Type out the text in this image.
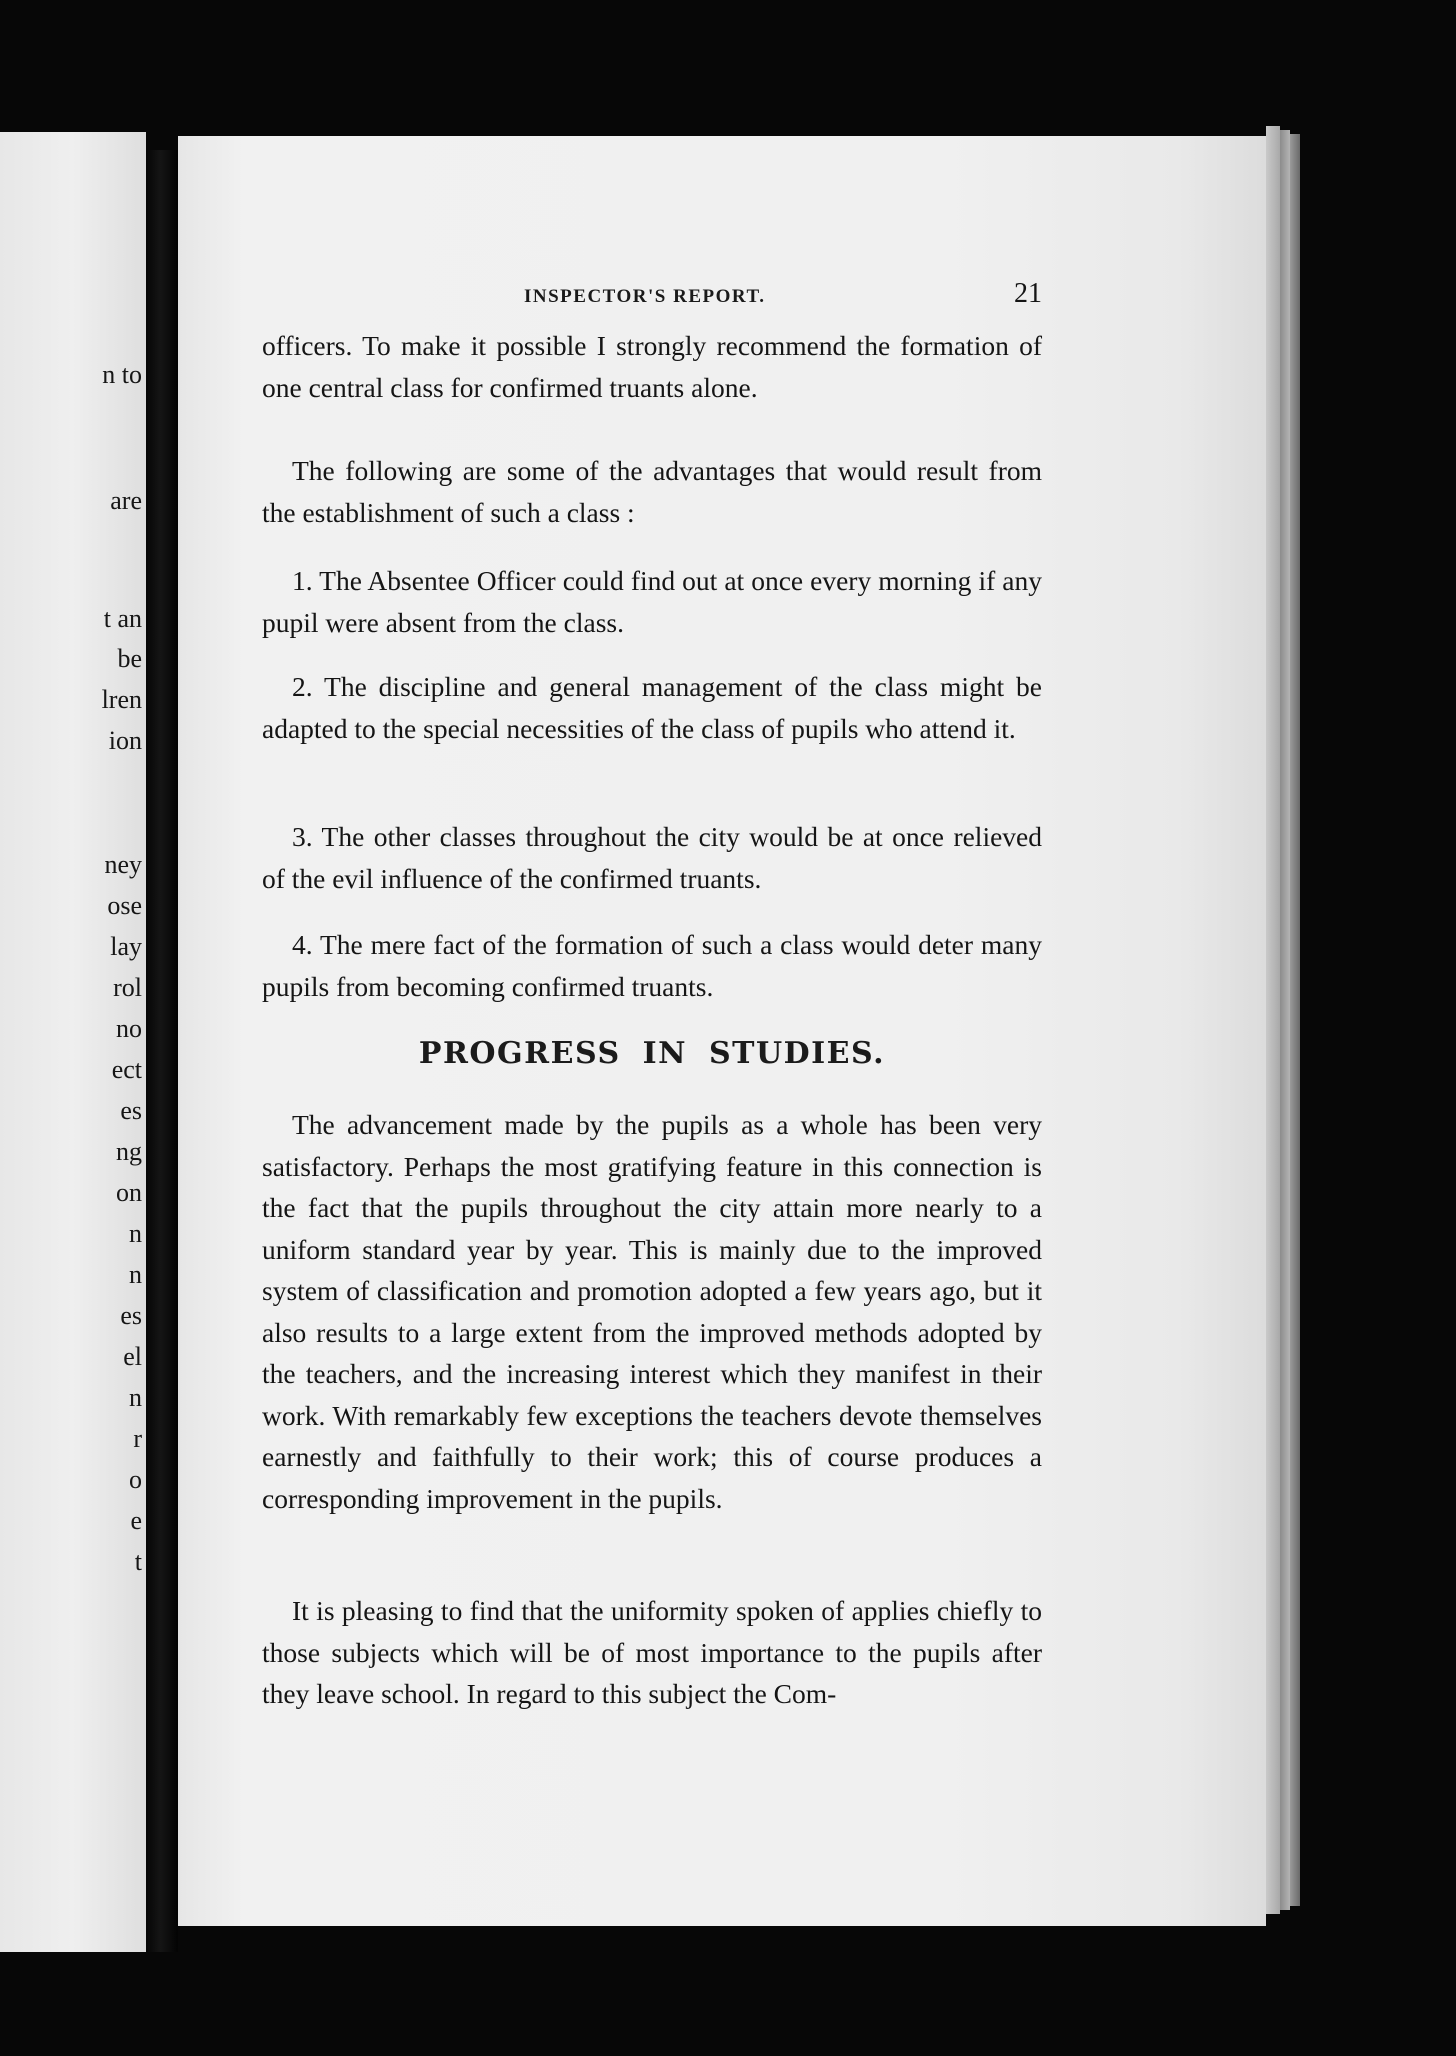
n to
are
t an
be
lren
ion
ney
ose
lay
rol
no
ect
es
ng
on
n
n
es
el
n
r
o
e
t
INSPECTOR'S REPORT.	21

officers. To make it possible I strongly recommend the formation of one central class for confirmed truants alone.

The following are some of the advantages that would result from the establishment of such a class :

1. The Absentee Officer could find out at once every morning if any pupil were absent from the class.

2. The discipline and general management of the class might be adapted to the special necessities of the class of pupils who attend it.

3. The other classes throughout the city would be at once relieved of the evil influence of the confirmed truants.

4. The mere fact of the formation of such a class would deter many pupils from becoming confirmed truants.

PROGRESS IN STUDIES.

The advancement made by the pupils as a whole has been very satisfactory. Perhaps the most gratifying feature in this connection is the fact that the pupils throughout the city attain more nearly to a uniform standard year by year. This is mainly due to the improved system of classification and promotion adopted a few years ago, but it also results to a large extent from the improved methods adopted by the teachers, and the increasing interest which they manifest in their work. With remarkably few exceptions the teachers devote themselves earnestly and faithfully to their work; this of course produces a corresponding improvement in the pupils.

It is pleasing to find that the uniformity spoken of applies chiefly to those subjects which will be of most importance to the pupils after they leave school. In regard to this subject the Com-
